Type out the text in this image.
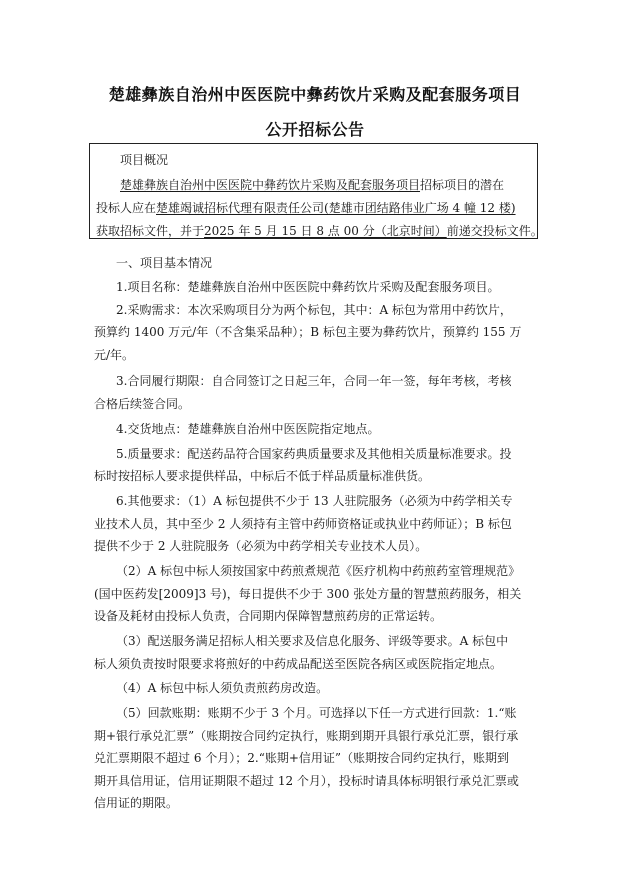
楚雄彝族自治州中医医院中彝药饮片采购及配套服务项目
公开招标公告
项目概况
楚雄彝族自治州中医医院中彝药饮片采购及配套服务项目招标项目的潜在
投标人应在楚雄竭诚招标代理有限责任公司(楚雄市团结路伟业广场 4 幢 12 楼)
获取招标文件，并于2025 年 5 月 15 日 8 点 00 分（北京时间）前递交投标文件。
一、项目基本情况
1.项目名称：楚雄彝族自治州中医医院中彝药饮片采购及配套服务项目。
2.采购需求：本次采购项目分为两个标包，其中：A 标包为常用中药饮片，
预算约 1400 万元/年（不含集采品种）；B 标包主要为彝药饮片，预算约 155 万
元/年。
3.合同履行期限：自合同签订之日起三年，合同一年一签，每年考核，考核
合格后续签合同。
4.交货地点：楚雄彝族自治州中医医院指定地点。
5.质量要求：配送药品符合国家药典质量要求及其他相关质量标准要求。投
标时按招标人要求提供样品，中标后不低于样品质量标准供货。
6.其他要求：（1）A 标包提供不少于 13 人驻院服务（必须为中药学相关专
业技术人员，其中至少 2 人须持有主管中药师资格证或执业中药师证）；B 标包
提供不少于 2 人驻院服务（必须为中药学相关专业技术人员）。
（2）A 标包中标人须按国家中药煎煮规范《医疗机构中药煎药室管理规范》
(国中医药发[2009]3 号)，每日提供不少于 300 张处方量的智慧煎药服务，相关
设备及耗材由投标人负责，合同期内保障智慧煎药房的正常运转。
（3）配送服务满足招标人相关要求及信息化服务、评级等要求。A 标包中
标人须负责按时限要求将煎好的中药成品配送至医院各病区或医院指定地点。
（4）A 标包中标人须负责煎药房改造。
（5）回款账期：账期不少于 3 个月。可选择以下任一方式进行回款：1.“账
期+银行承兑汇票”（账期按合同约定执行，账期到期开具银行承兑汇票，银行承
兑汇票期限不超过 6 个月）；2.“账期+信用证”（账期按合同约定执行，账期到
期开具信用证，信用证期限不超过 12 个月），投标时请具体标明银行承兑汇票或
信用证的期限。
